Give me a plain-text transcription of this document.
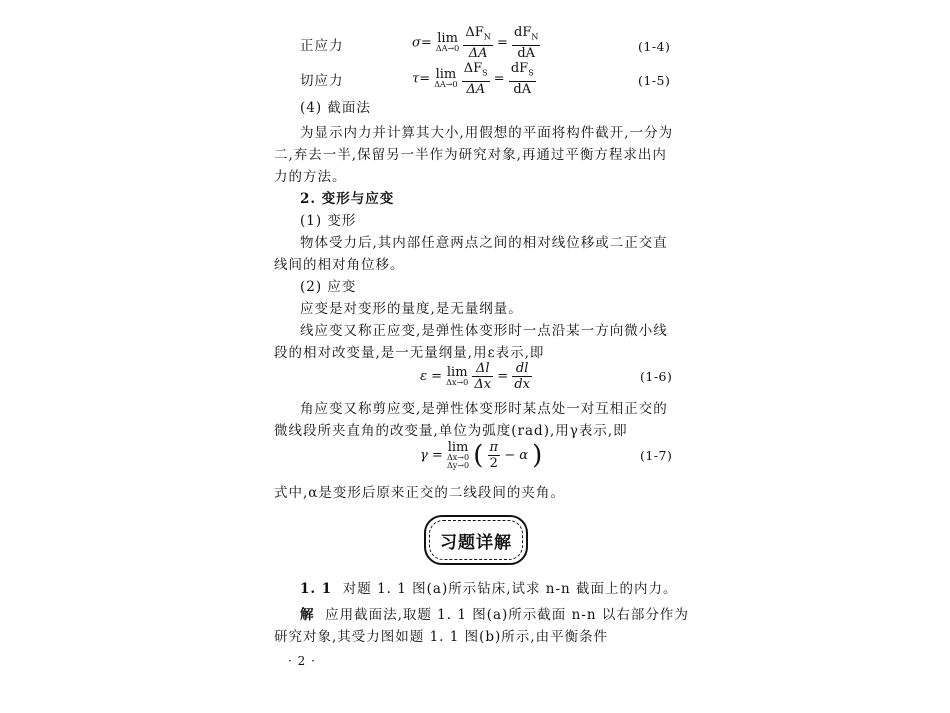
正应力	σ= lim
ΔA→0
$\frac{\Delta F_N}{\Delta A} = \frac{dF_N}{dA}$	(1-4)
切应力	τ= lim
ΔA→0
$\frac{\Delta F_S}{\Delta A} = \frac{dF_S}{dA}$	(1-5)
(4) 截面法
为显示内力并计算其大小,用假想的平面将构件截开,一分为
二,弃去一半,保留另一半作为研究对象,再通过平衡方程求出内
力的方法。
2. 变形与应变
(1) 变形
物体受力后,其内部任意两点之间的相对线位移或二正交直
线间的相对角位移。
(2) 应变
应变是对变形的量度,是无量纲量。
线应变又称正应变,是弹性体变形时一点沿某一方向微小线
段的相对改变量,是一无量纲量,用ε表示,即
ε = lim
Δx→0
$\frac{\Delta l}{\Delta x} = \frac{dl}{dx}$	(1-6)
角应变又称剪应变,是弹性体变形时某点处一对互相正交的
微线段所夹直角的改变量,单位为弧度(rad),用γ表示,即
γ =
lim
Δx→0
Δy→0 ( $\frac{\pi}{2} - \alpha$ )	(1-7)
式中,α是变形后原来正交的二线段间的夹角。
习题详解
1. 1 对题 1. 1 图(a)所示钻床,试求 n-n 截面上的内力。
解 应用截面法,取题 1. 1 图(a)所示截面 n-n 以右部分作为
研究对象,其受力图如题 1. 1 图(b)所示,由平衡条件
· 2 ·
